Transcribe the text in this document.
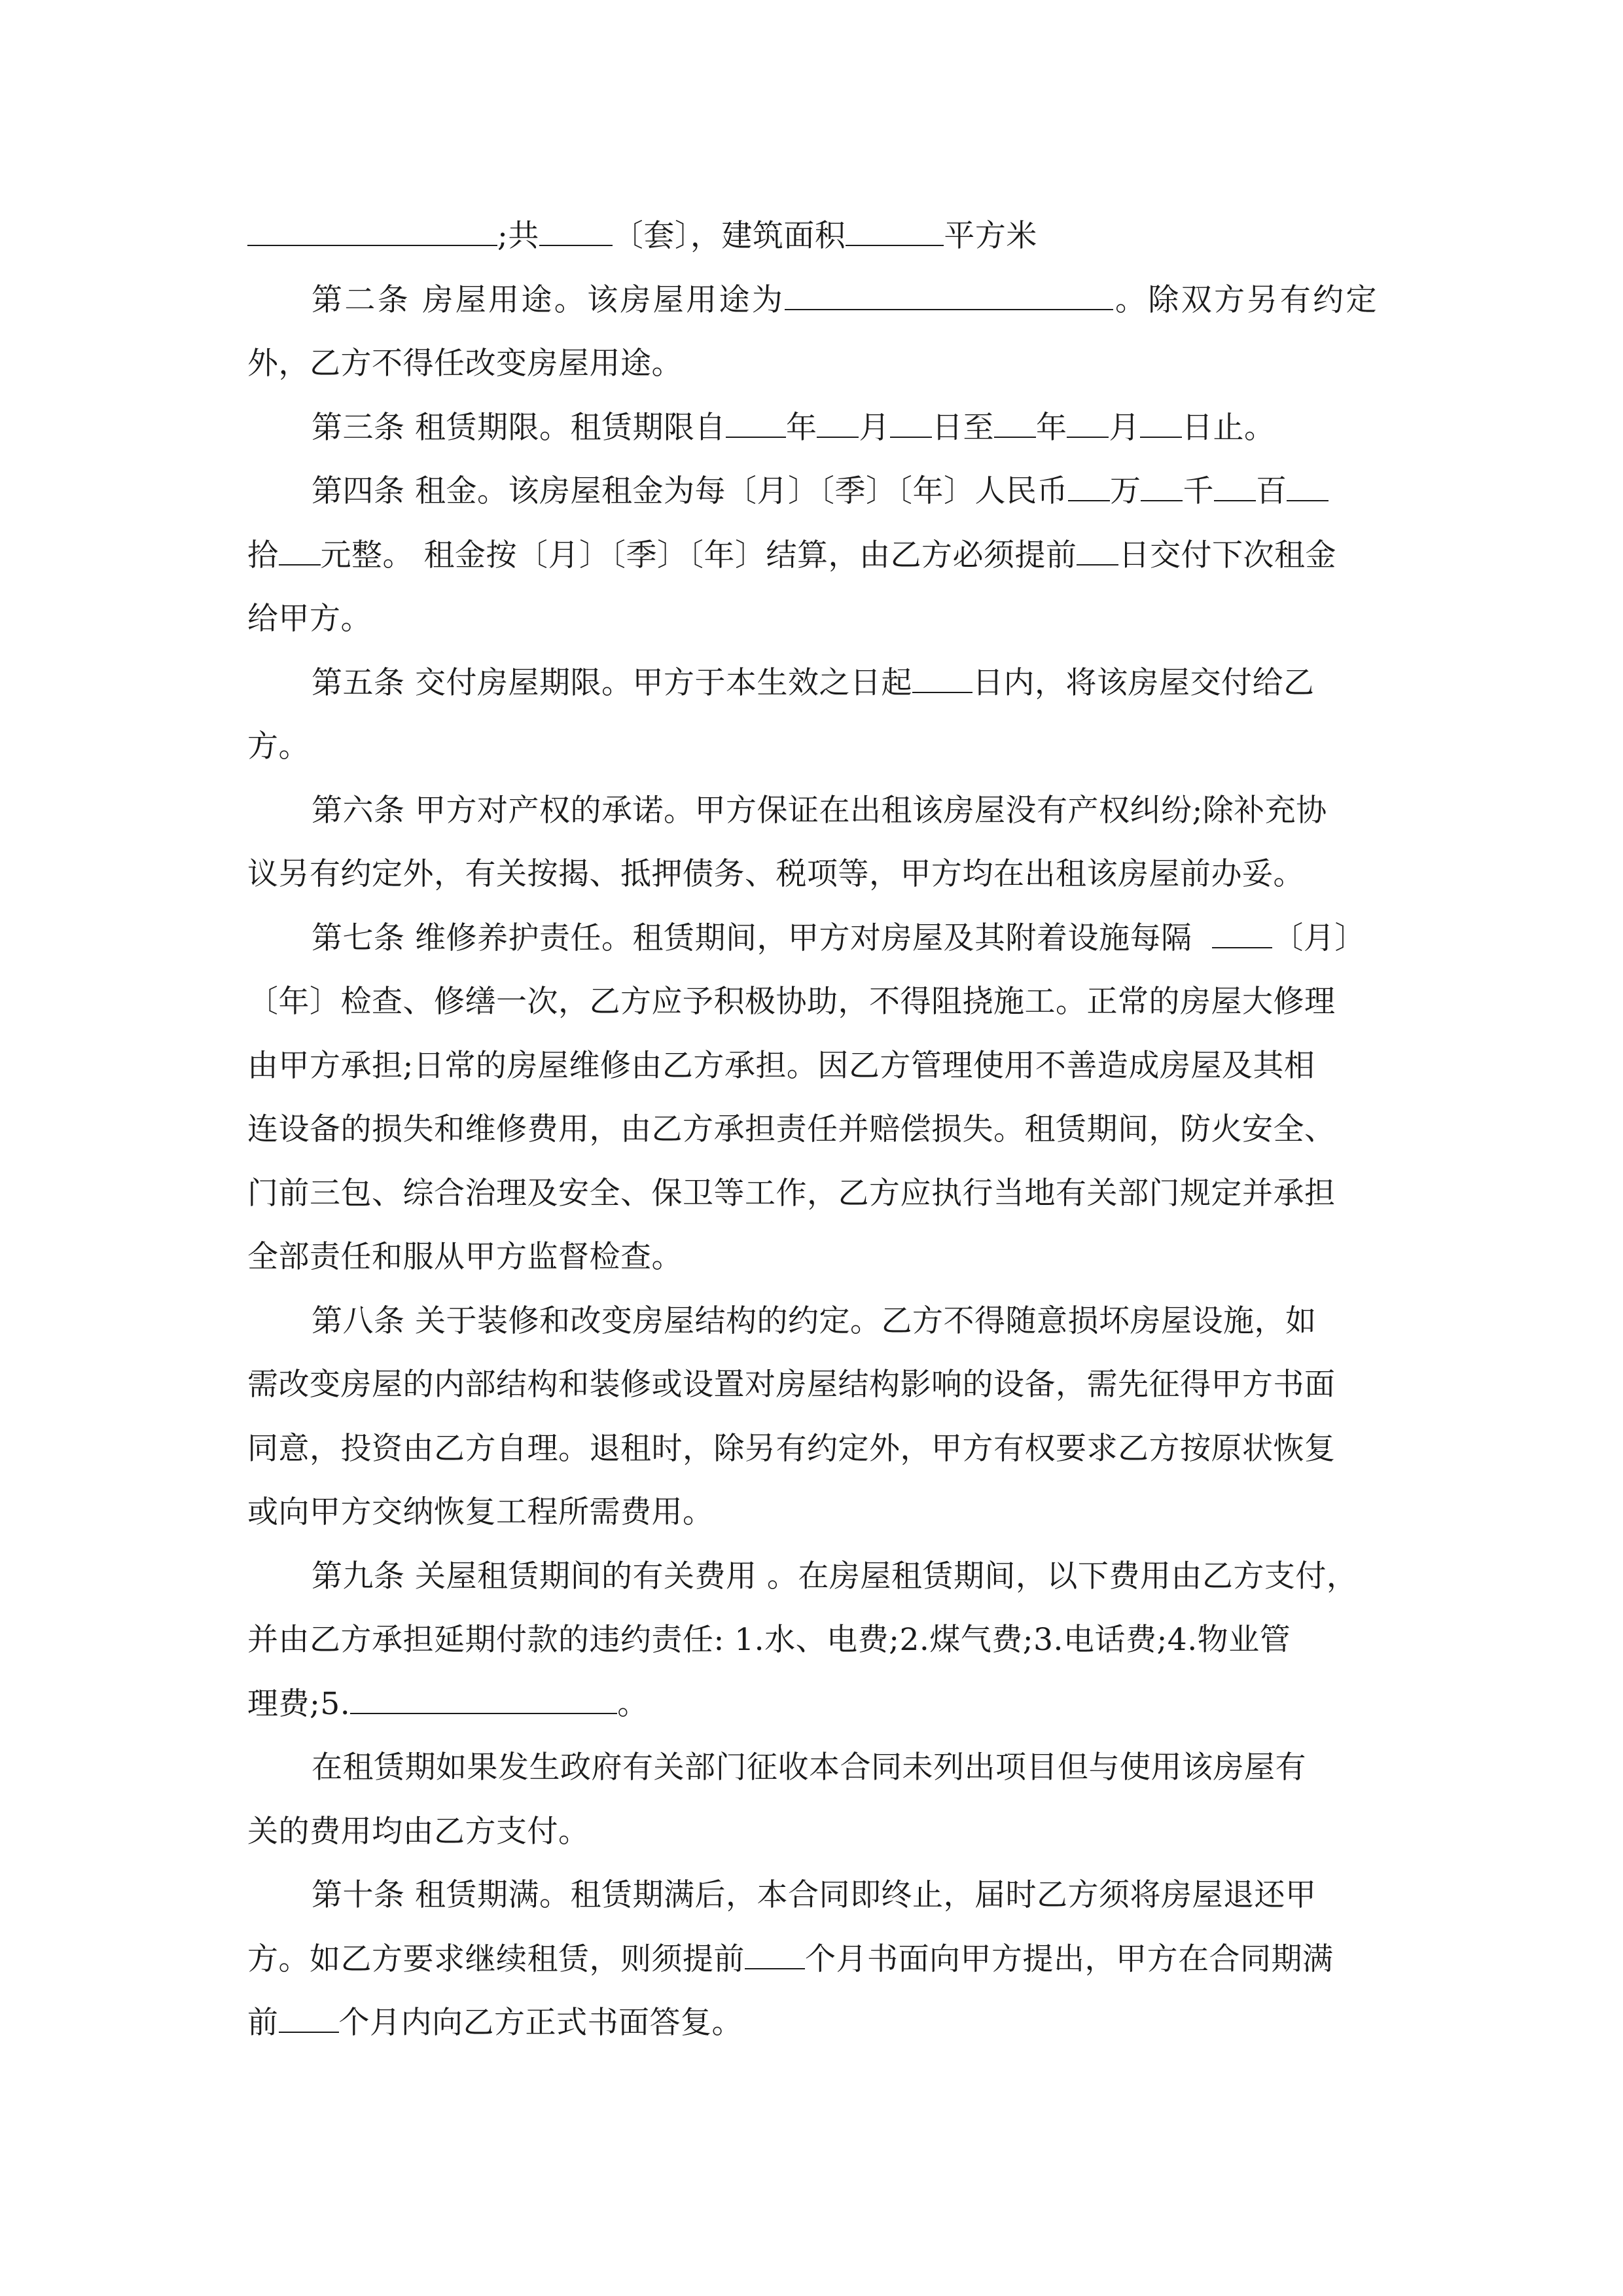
;共 〔套〕，建筑面积	平方米
第二条 房屋用途。该房屋用途为	。除双方另有约定
外，乙方不得任改变房屋用途。
第三条 租赁期限。租赁期限自 年 月 日至 年 月 日止。
第四条 租金。该房屋租金为每〔月〕〔季〕〔年〕人民币 万 千 百
拾 元整。 租金按〔月〕〔季〕〔年〕结算，由乙方必须提前 日交付下次租金
给甲方。
第五条 交付房屋期限。甲方于本生效之日起 日内，将该房屋交付给乙
方。
第六条 甲方对产权的承诺。甲方保证在出租该房屋没有产权纠纷;除补充协
议另有约定外，有关按揭、抵押债务、税项等，甲方均在出租该房屋前办妥。
第七条 维修养护责任。租赁期间，甲方对房屋及其附着设施每隔	〔月〕
〔年〕检查、修缮一次，乙方应予积极协助，不得阻挠施工。正常的房屋大修理
由甲方承担;日常的房屋维修由乙方承担。因乙方管理使用不善造成房屋及其相
连设备的损失和维修费用，由乙方承担责任并赔偿损失。租赁期间，防火安全、
门前三包、综合治理及安全、保卫等工作，乙方应执行当地有关部门规定并承担
全部责任和服从甲方监督检查。
第八条 关于装修和改变房屋结构的约定。乙方不得随意损坏房屋设施，如
需改变房屋的内部结构和装修或设置对房屋结构影响的设备，需先征得甲方书面
同意，投资由乙方自理。退租时，除另有约定外，甲方有权要求乙方按原状恢复
或向甲方交纳恢复工程所需费用。
第九条 关屋租赁期间的有关费用 。在房屋租赁期间，以下费用由乙方支付，
并由乙方承担延期付款的违约责任: 1.水、电费;2.煤气费;3.电话费;4.物业管
理费;5.	。
在租赁期如果发生政府有关部门征收本合同未列出项目但与使用该房屋有
关的费用均由乙方支付。
第十条 租赁期满。租赁期满后，本合同即终止，届时乙方须将房屋退还甲
方。如乙方要求继续租赁，则须提前 个月书面向甲方提出，甲方在合同期满
前 个月内向乙方正式书面答复。
